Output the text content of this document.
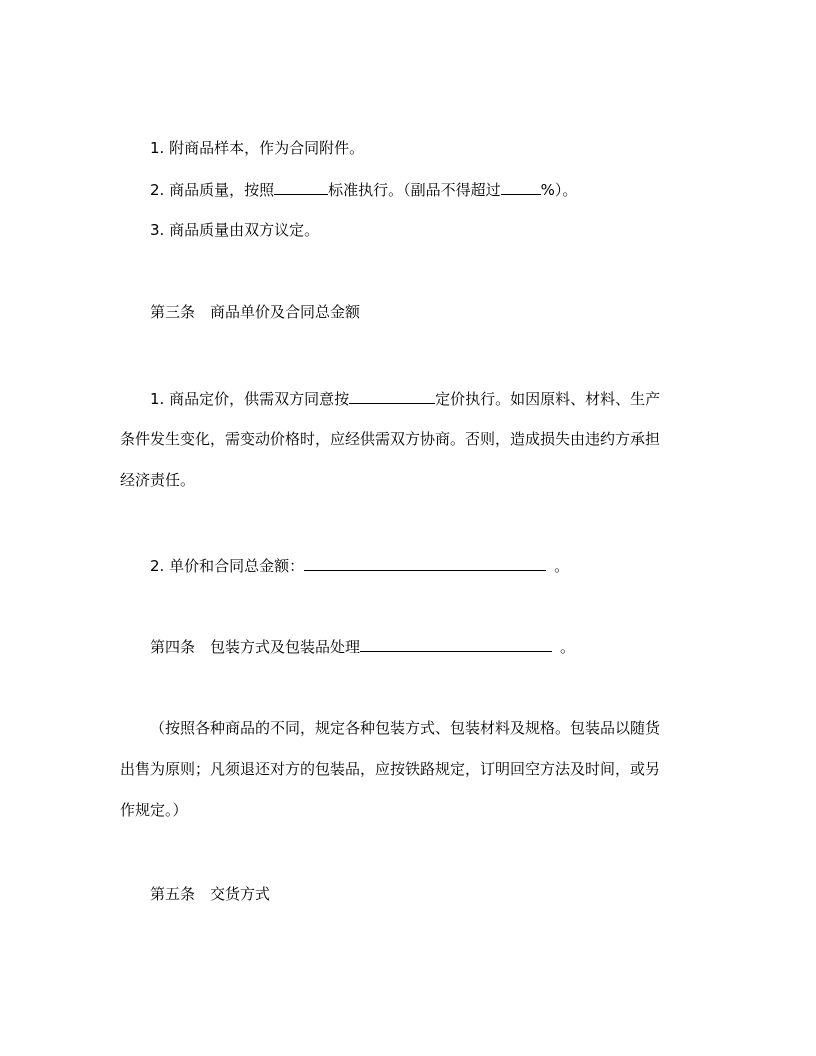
1. 附商品样本，作为合同附件。
2. 商品质量，按照	标准执行。（副品不得超过	%）。
3. 商品质量由双方议定。
第三条 商品单价及合同总金额
1. 商品定价，供需双方同意按	定价执行。如因原料、材料、生产
条件发生变化，需变动价格时，应经供需双方协商。否则，造成损失由违约方承担
经济责任。
2. 单价和合同总金额：	。
第四条 包装方式及包装品处理	。
（按照各种商品的不同，规定各种包装方式、包装材料及规格。包装品以随货
出售为原则；凡须退还对方的包装品，应按铁路规定，订明回空方法及时间，或另
作规定。）
第五条 交货方式
